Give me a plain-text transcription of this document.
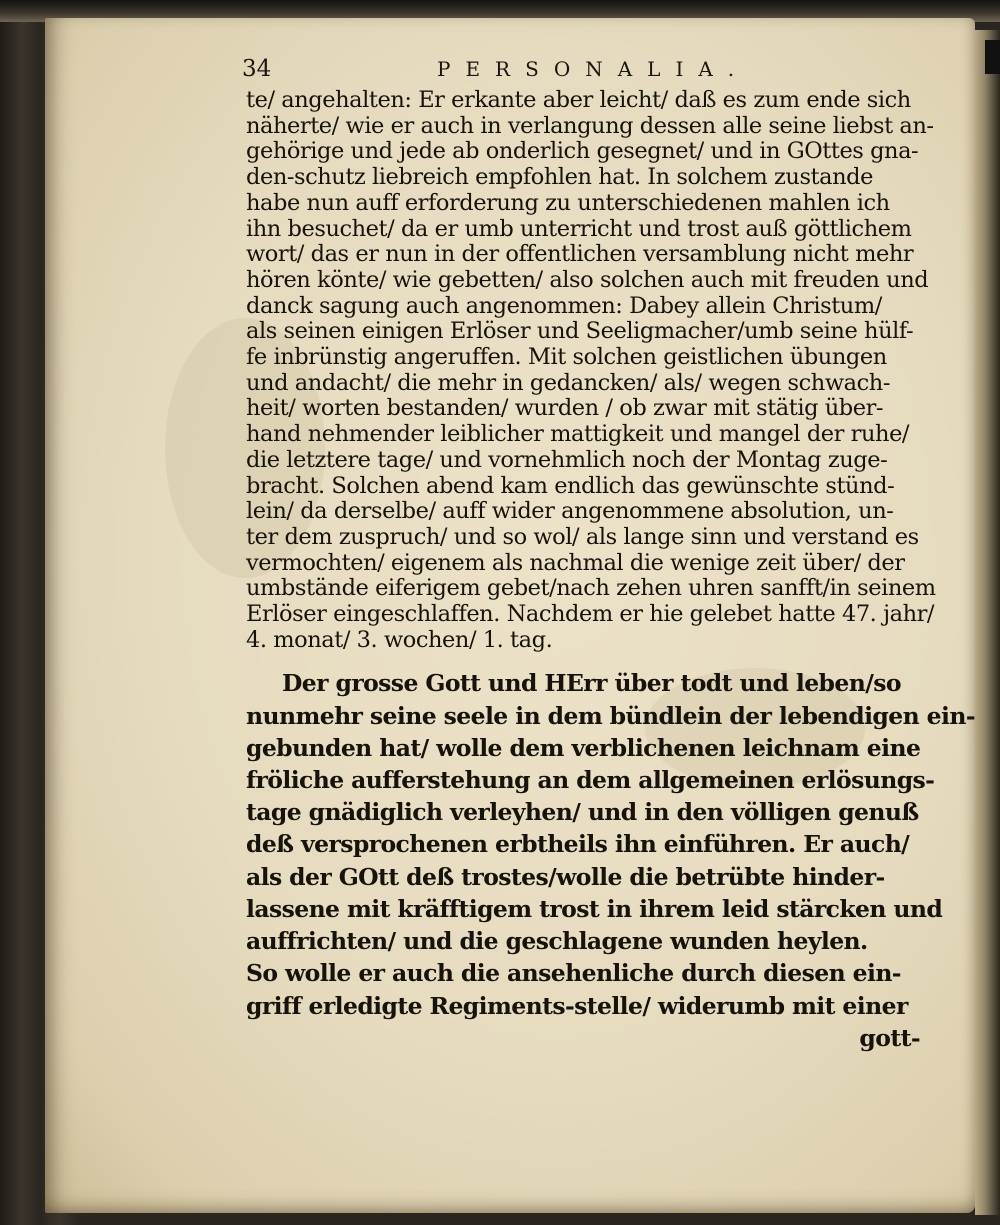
34	PERSONALIA.
te/ angehalten: Er erkante aber leicht/ daß es zum ende sich
näherte/ wie er auch in verlangung dessen alle seine liebst an-
gehörige und jede ab onderlich gesegnet/ und in GOttes gna-
den-schutz liebreich empfohlen hat. In solchem zustande
habe nun auff erforderung zu unterschiedenen mahlen ich
ihn besuchet/ da er umb unterricht und trost auß göttlichem
wort/ das er nun in der offentlichen versamblung nicht mehr
hören könte/ wie gebetten/ also solchen auch mit freuden und
danck sagung auch angenommen: Dabey allein Christum/
als seinen einigen Erlöser und Seeligmacher/umb seine hülf-
fe inbrünstig angeruffen. Mit solchen geistlichen übungen
und andacht/ die mehr in gedancken/ als/ wegen schwach-
heit/ worten bestanden/ wurden / ob zwar mit stätig über-
hand nehmender leiblicher mattigkeit und mangel der ruhe/
die letztere tage/ und vornehmlich noch der Montag zuge-
bracht. Solchen abend kam endlich das gewünschte stünd-
lein/ da derselbe/ auff wider angenommene absolution, un-
ter dem zuspruch/ und so wol/ als lange sinn und verstand es
vermochten/ eigenem als nachmal die wenige zeit über/ der
umbstände eiferigem gebet/nach zehen uhren sanfft/in seinem
Erlöser eingeschlaffen. Nachdem er hie gelebet hatte 47. jahr/
4. monat/ 3. wochen/ 1. tag.
Der grosse Gott und HErr über todt und leben/so
nunmehr seine seele in dem bündlein der lebendigen ein-
gebunden hat/ wolle dem verblichenen leichnam eine
fröliche aufferstehung an dem allgemeinen erlösungs-
tage gnädiglich verleyhen/ und in den völligen genuß
deß versprochenen erbtheils ihn einführen. Er auch/
als der GOtt deß trostes/wolle die betrübte hinder-
lassene mit kräfftigem trost in ihrem leid stärcken und
auffrichten/ und die geschlagene wunden heylen.
So wolle er auch die ansehenliche durch diesen ein-
griff erledigte Regiments-stelle/ widerumb mit einer
gott-
